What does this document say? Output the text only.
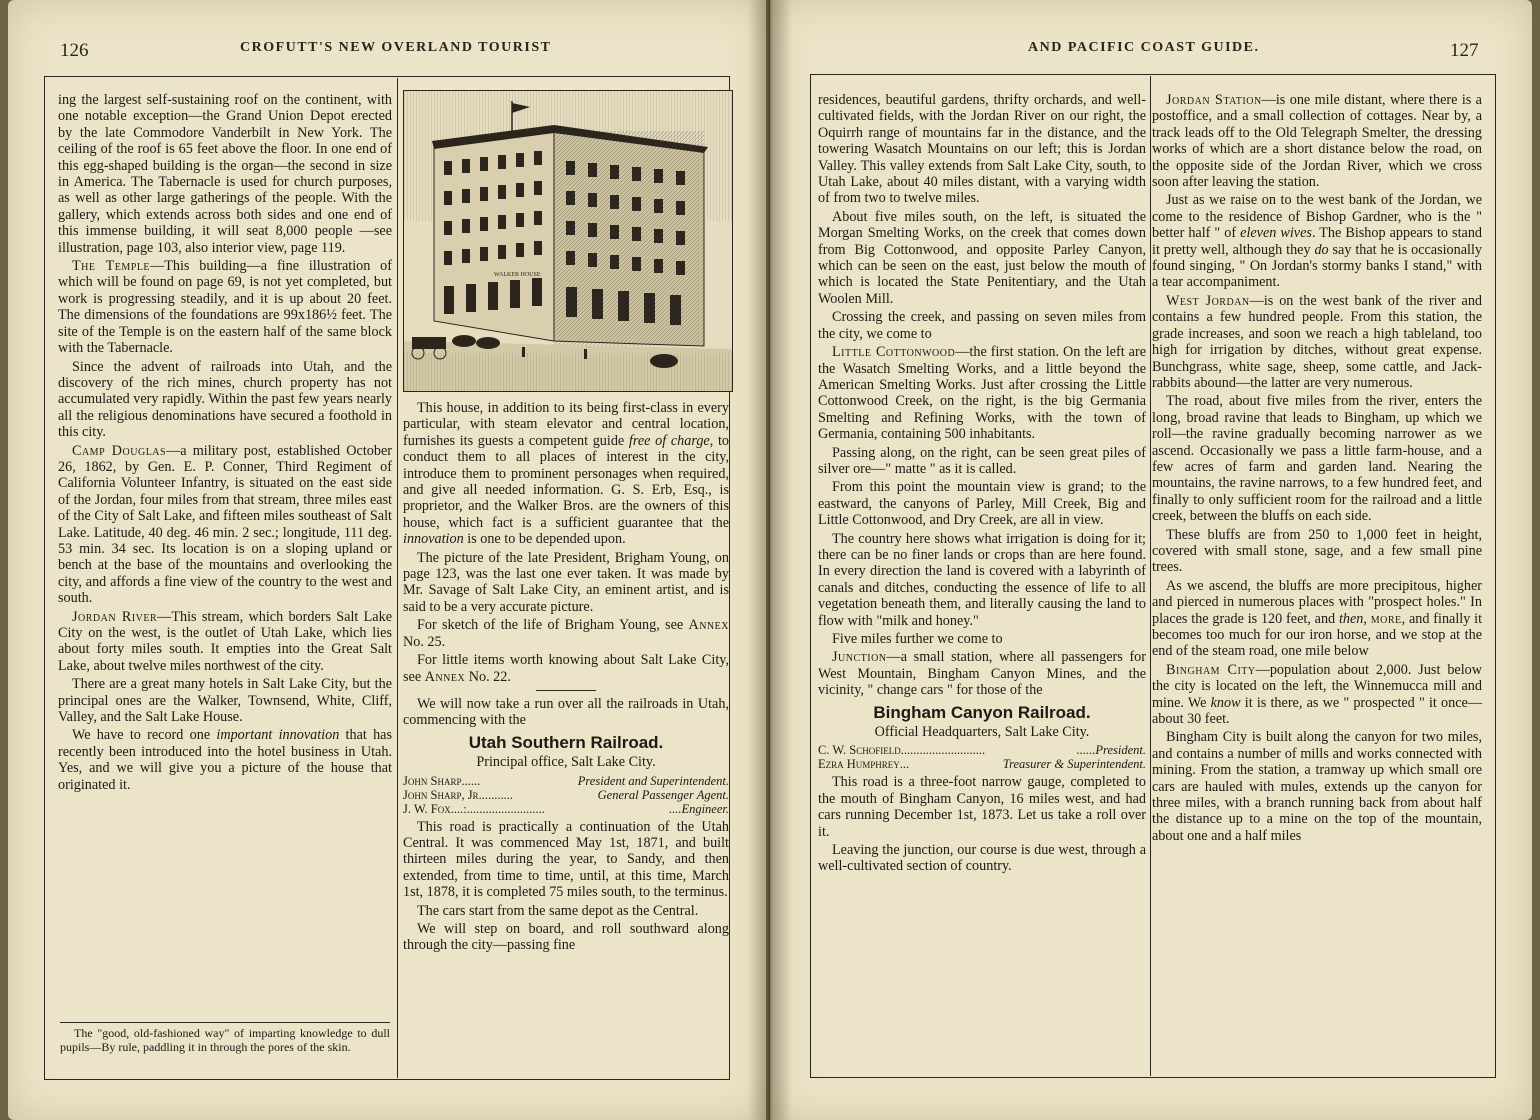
126	CROFUTT'S NEW OVERLAND TOURIST

ing the largest self-sustaining roof on the continent, with one notable exception—the Grand Union Depot erected by the late Commodore Vanderbilt in New York. The ceiling of the roof is 65 feet above the floor. In one end of this egg-shaped building is the organ—the second in size in America. The Tabernacle is used for church purposes, as well as other large gatherings of the people. With the gallery, which extends across both sides and one end of this immense building, it will seat 8,000 people —see illustration, page 103, also interior view, page 119.

The Temple—This building—a fine illustration of which will be found on page 69, is not yet completed, but work is progressing steadily, and it is up about 20 feet. The dimensions of the foundations are 99x186½ feet. The site of the Temple is on the eastern half of the same block with the Tabernacle.

Since the advent of railroads into Utah, and the discovery of the rich mines, church property has not accumulated very rapidly. Within the past few years nearly all the religious denominations have secured a foothold in this city.

Camp Douglas—a military post, established October 26, 1862, by Gen. E. P. Conner, Third Regiment of California Volunteer Infantry, is situated on the east side of the Jordan, four miles from that stream, three miles east of the City of Salt Lake, and fifteen miles southeast of Salt Lake. Latitude, 40 deg. 46 min. 2 sec.; longitude, 111 deg. 53 min. 34 sec. Its location is on a sloping upland or bench at the base of the mountains and overlooking the city, and affords a fine view of the country to the west and south.

Jordan River—This stream, which borders Salt Lake City on the west, is the outlet of Utah Lake, which lies about forty miles south. It empties into the Great Salt Lake, about twelve miles northwest of the city.

There are a great many hotels in Salt Lake City, but the principal ones are the Walker, Townsend, White, Cliff, Valley, and the Salt Lake House.

We have to record one important innovation that has recently been introduced into the hotel business in Utah. Yes, and we will give you a picture of the house that originated it.

The "good, old-fashioned way" of imparting knowledge to dull pupils—By rule, paddling it in through the pores of the skin.

WALKER HOUSE

This house, in addition to its being first-class in every particular, with steam elevator and central location, furnishes its guests a competent guide free of charge, to conduct them to all places of interest in the city, introduce them to prominent personages when required, and give all needed information. G. S. Erb, Esq., is proprietor, and the Walker Bros. are the owners of this house, which fact is a sufficient guarantee that the innovation is one to be depended upon.

The picture of the late President, Brigham Young, on page 123, was the last one ever taken. It was made by Mr. Savage of Salt Lake City, an eminent artist, and is said to be a very accurate picture.

For sketch of the life of Brigham Young, see Annex No. 25.

For little items worth knowing about Salt Lake City, see Annex No. 22.

We will now take a run over all the railroads in Utah, commencing with the

Utah Southern Railroad.
Principal office, Salt Lake City.
John Sharp......	President and Superintendent.
John Sharp, Jr...........	General Passenger Agent.
J. W. Fox....:.........................	....Engineer.

This road is practically a continuation of the Utah Central. It was commenced May 1st, 1871, and built thirteen miles during the year, to Sandy, and then extended, from time to time, until, at this time, March 1st, 1878, it is completed 75 miles south, to the terminus.

The cars start from the same depot as the Central.

We will step on board, and roll southward along through the city—passing fine

AND PACIFIC COAST GUIDE.	127

residences, beautiful gardens, thrifty orchards, and well-cultivated fields, with the Jordan River on our right, the Oquirrh range of mountains far in the distance, and the towering Wasatch Mountains on our left; this is Jordan Valley. This valley extends from Salt Lake City, south, to Utah Lake, about 40 miles distant, with a varying width of from two to twelve miles.

About five miles south, on the left, is situated the Morgan Smelting Works, on the creek that comes down from Big Cottonwood, and opposite Parley Canyon, which can be seen on the east, just below the mouth of which is located the State Penitentiary, and the Utah Woolen Mill.

Crossing the creek, and passing on seven miles from the city, we come to

Little Cottonwood—the first station. On the left are the Wasatch Smelting Works, and a little beyond the American Smelting Works. Just after crossing the Little Cottonwood Creek, on the right, is the big Germania Smelting and Refining Works, with the town of Germania, containing 500 inhabitants.

Passing along, on the right, can be seen great piles of silver ore—" matte " as it is called.

From this point the mountain view is grand; to the eastward, the canyons of Parley, Mill Creek, Big and Little Cottonwood, and Dry Creek, are all in view.

The country here shows what irrigation is doing for it; there can be no finer lands or crops than are here found. In every direction the land is covered with a labyrinth of canals and ditches, conducting the essence of life to all vegetation beneath them, and literally causing the land to flow with "milk and honey."

Five miles further we come to

Junction—a small station, where all passengers for West Mountain, Bingham Canyon Mines, and the vicinity, " change cars " for those of the

Bingham Canyon Railroad.
Official Headquarters, Salt Lake City.
C. W. Schofield...........................	......President.
Ezra Humphrey...	Treasurer & Superintendent.

This road is a three-foot narrow gauge, completed to the mouth of Bingham Canyon, 16 miles west, and had cars running December 1st, 1873. Let us take a roll over it.

Leaving the junction, our course is due west, through a well-cultivated section of country.

Jordan Station—is one mile distant, where there is a postoffice, and a small collection of cottages. Near by, a track leads off to the Old Telegraph Smelter, the dressing works of which are a short distance below the road, on the opposite side of the Jordan River, which we cross soon after leaving the station.

Just as we raise on to the west bank of the Jordan, we come to the residence of Bishop Gardner, who is the " better half " of eleven wives. The Bishop appears to stand it pretty well, although they do say that he is occasionally found singing, " On Jordan's stormy banks I stand," with a tear accompaniment.

West Jordan—is on the west bank of the river and contains a few hundred people. From this station, the grade increases, and soon we reach a high tableland, too high for irrigation by ditches, without great expense. Bunchgrass, white sage, sheep, some cattle, and Jack-rabbits abound—the latter are very numerous.

The road, about five miles from the river, enters the long, broad ravine that leads to Bingham, up which we roll—the ravine gradually becoming narrower as we ascend. Occasionally we pass a little farm-house, and a few acres of farm and garden land. Nearing the mountains, the ravine narrows, to a few hundred feet, and finally to only sufficient room for the railroad and a little creek, between the bluffs on each side.

These bluffs are from 250 to 1,000 feet in height, covered with small stone, sage, and a few small pine trees.

As we ascend, the bluffs are more precipitous, higher and pierced in numerous places with "prospect holes." In places the grade is 120 feet, and then, more, and finally it becomes too much for our iron horse, and we stop at the end of the steam road, one mile below

Bingham City—population about 2,000. Just below the city is located on the left, the Winnemucca mill and mine. We know it is there, as we " prospected " it once—about 30 feet.

Bingham City is built along the canyon for two miles, and contains a number of mills and works connected with mining. From the station, a tramway up which small ore cars are hauled with mules, extends up the canyon for three miles, with a branch running back from about half the distance up to a mine on the top of the mountain, about one and a half miles
